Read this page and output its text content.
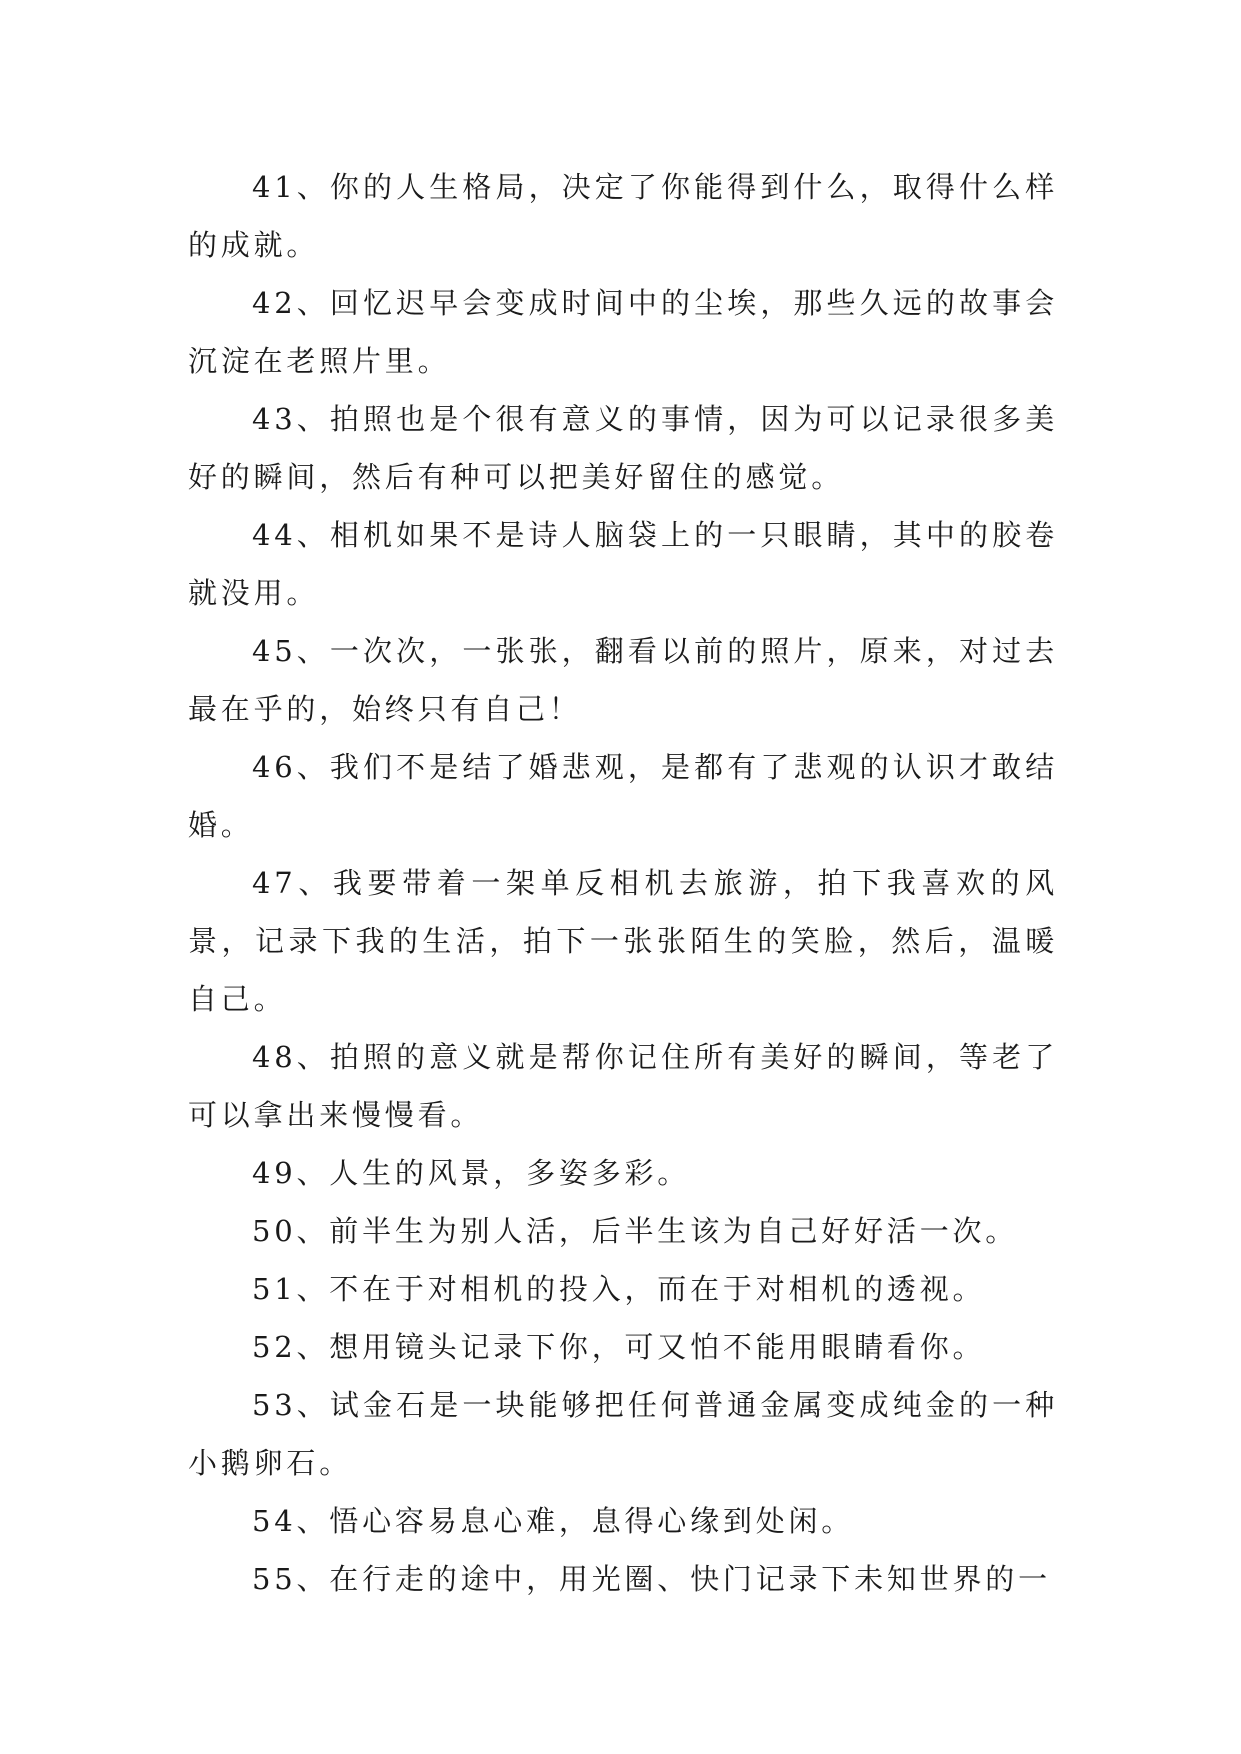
41、你的人生格局，决定了你能得到什么，取得什么样的成就。

42、回忆迟早会变成时间中的尘埃，那些久远的故事会沉淀在老照片里。

43、拍照也是个很有意义的事情，因为可以记录很多美好的瞬间，然后有种可以把美好留住的感觉。

44、相机如果不是诗人脑袋上的一只眼睛，其中的胶卷就没用。

45、一次次，一张张，翻看以前的照片，原来，对过去最在乎的，始终只有自己！

46、我们不是结了婚悲观，是都有了悲观的认识才敢结婚。

47、我要带着一架单反相机去旅游，拍下我喜欢的风景，记录下我的生活，拍下一张张陌生的笑脸，然后，温暖自己。

48、拍照的意义就是帮你记住所有美好的瞬间，等老了可以拿出来慢慢看。

49、人生的风景，多姿多彩。

50、前半生为别人活，后半生该为自己好好活一次。

51、不在于对相机的投入，而在于对相机的透视。

52、想用镜头记录下你，可又怕不能用眼睛看你。

53、试金石是一块能够把任何普通金属变成纯金的一种小鹅卵石。

54、悟心容易息心难，息得心缘到处闲。

55、在行走的途中，用光圈、快门记录下未知世界的一
